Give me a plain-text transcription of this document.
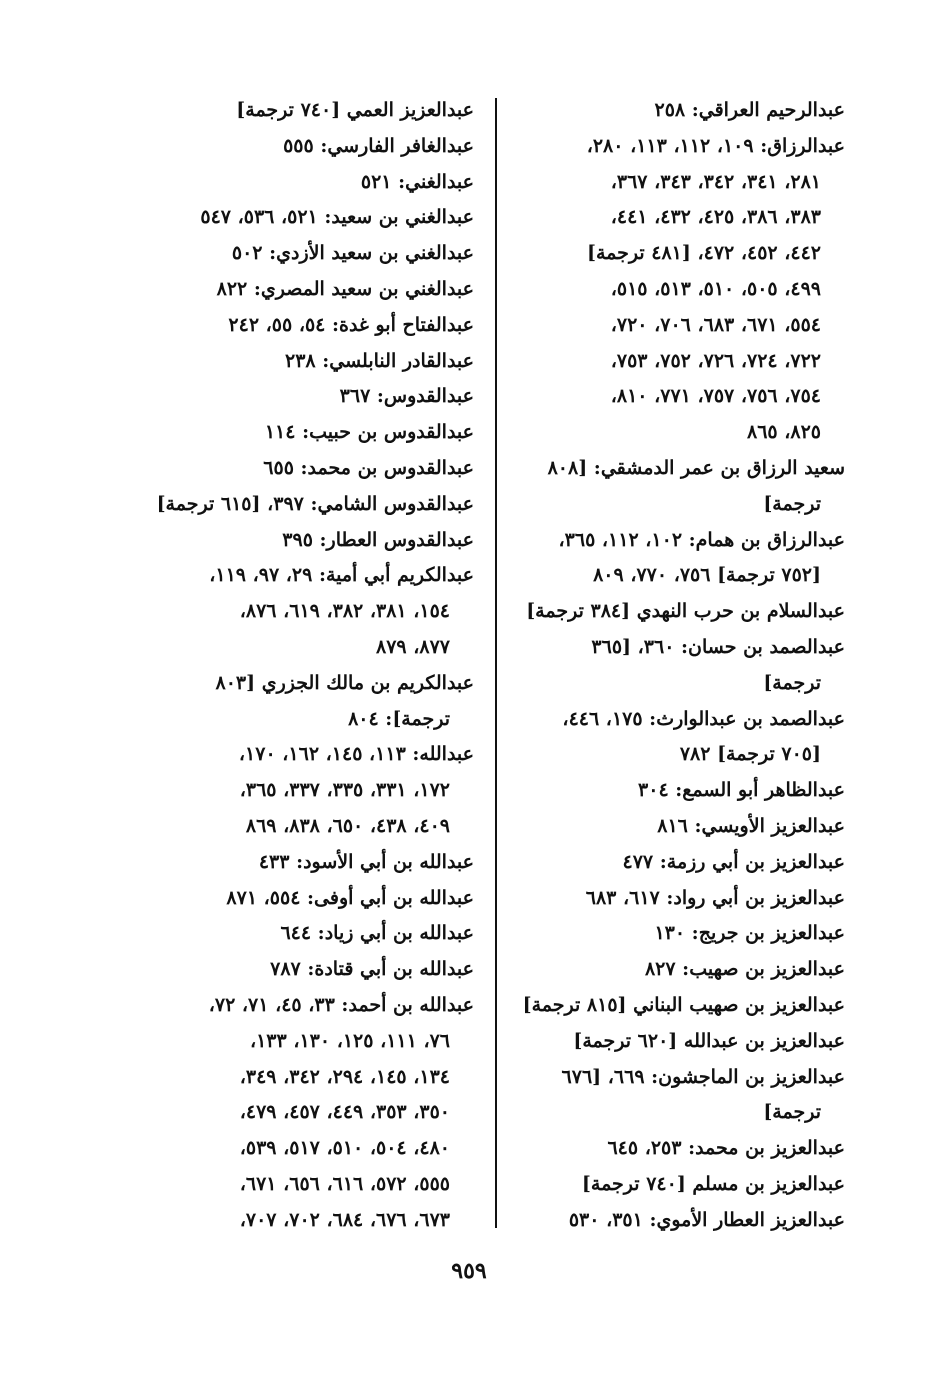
عبدالرحيم العراقي: ٢٥٨
عبدالرزاق: ١٠٩، ١١٢، ١١٣، ٢٨٠،
٢٨١، ٣٤١، ٣٤٢، ٣٤٣، ٣٦٧،
٣٨٣، ٣٨٦، ٤٢٥، ٤٣٢، ٤٤١،
٤٤٢، ٤٥٢، ٤٧٢، [٤٨١ ترجمة]
٤٩٩، ٥٠٥، ٥١٠، ٥١٣، ٥١٥،
٥٥٤، ٦٧١، ٦٨٣، ٧٠٦، ٧٢٠،
٧٢٢، ٧٢٤، ٧٢٦، ٧٥٢، ٧٥٣،
٧٥٤، ٧٥٦، ٧٥٧، ٧٧١، ٨١٠،
٨٢٥، ٨٦٥
سعيد الرزاق بن عمر الدمشقي: [٨٠٨
ترجمة]
عبدالرزاق بن همام: ١٠٢، ١١٢، ٣٦٥،
[٧٥٢ ترجمة] ٧٥٦، ٧٧٠، ٨٠٩
عبدالسلام بن حرب النهدي [٣٨٤ ترجمة]
عبدالصمد بن حسان: ٣٦٠، [٣٦٥
ترجمة]
عبدالصمد بن عبدالوارث: ١٧٥، ٤٤٦،
[٧٠٥ ترجمة] ٧٨٢
عبدالظاهر أبو السمع: ٣٠٤
عبدالعزيز الأويسي: ٨١٦
عبدالعزيز بن أبي رزمة: ٤٧٧
عبدالعزيز بن أبي رواد: ٦١٧، ٦٨٣
عبدالعزيز بن جريج: ١٣٠
عبدالعزيز بن صهيب: ٨٢٧
عبدالعزيز بن صهيب البناني [٨١٥ ترجمة]
عبدالعزيز بن عبدالله [٦٢٠ ترجمة]
عبدالعزيز بن الماجشون: ٦٦٩، [٦٧٦
ترجمة]
عبدالعزيز بن محمد: ٢٥٣، ٦٤٥
عبدالعزيز بن مسلم [٧٤٠ ترجمة]
عبدالعزيز العطار الأموي: ٣٥١، ٥٣٠
عبدالعزيز العمي [٧٤٠ ترجمة]
عبدالغافر الفارسي: ٥٥٥
عبدالغني: ٥٢١
عبدالغني بن سعيد: ٥٢١، ٥٣٦، ٥٤٧
عبدالغني بن سعيد الأزدي: ٥٠٢
عبدالغني بن سعيد المصري: ٨٢٢
عبدالفتاح أبو غدة: ٥٤، ٥٥، ٢٤٢
عبدالقادر النابلسي: ٢٣٨
عبدالقدوس: ٣٦٧
عبدالقدوس بن حبيب: ١١٤
عبدالقدوس بن محمد: ٦٥٥
عبدالقدوس الشامي: ٣٩٧، [٦١٥ ترجمة]
عبدالقدوس العطار: ٣٩٥
عبدالكريم أبي أمية: ٢٩، ٩٧، ١١٩،
١٥٤، ٣٨١، ٣٨٢، ٦١٩، ٨٧٦،
٨٧٧، ٨٧٩
عبدالكريم بن مالك الجزري [٨٠٣
ترجمة]: ٨٠٤
عبدالله: ١١٣، ١٤٥، ١٦٢، ١٧٠،
١٧٢، ٣٣١، ٣٣٥، ٣٣٧، ٣٦٥،
٤٠٩، ٤٣٨، ٦٥٠، ٨٣٨، ٨٦٩
عبدالله بن أبي الأسود: ٤٣٣
عبدالله بن أبي أوفى: ٥٥٤، ٨٧١
عبدالله بن أبي زياد: ٦٤٤
عبدالله بن أبي قتادة: ٧٨٧
عبدالله بن أحمد: ٣٣، ٤٥، ٧١، ٧٢،
٧٦، ١١١، ١٢٥، ١٣٠، ١٣٣،
١٣٤، ١٤٥، ٢٩٤، ٣٤٢، ٣٤٩،
٣٥٠، ٣٥٣، ٤٤٩، ٤٥٧، ٤٧٩،
٤٨٠، ٥٠٤، ٥١٠، ٥١٧، ٥٣٩،
٥٥٥، ٥٧٢، ٦١٦، ٦٥٦، ٦٧١،
٦٧٣، ٦٧٦، ٦٨٤، ٧٠٢، ٧٠٧،
٩٥٩
